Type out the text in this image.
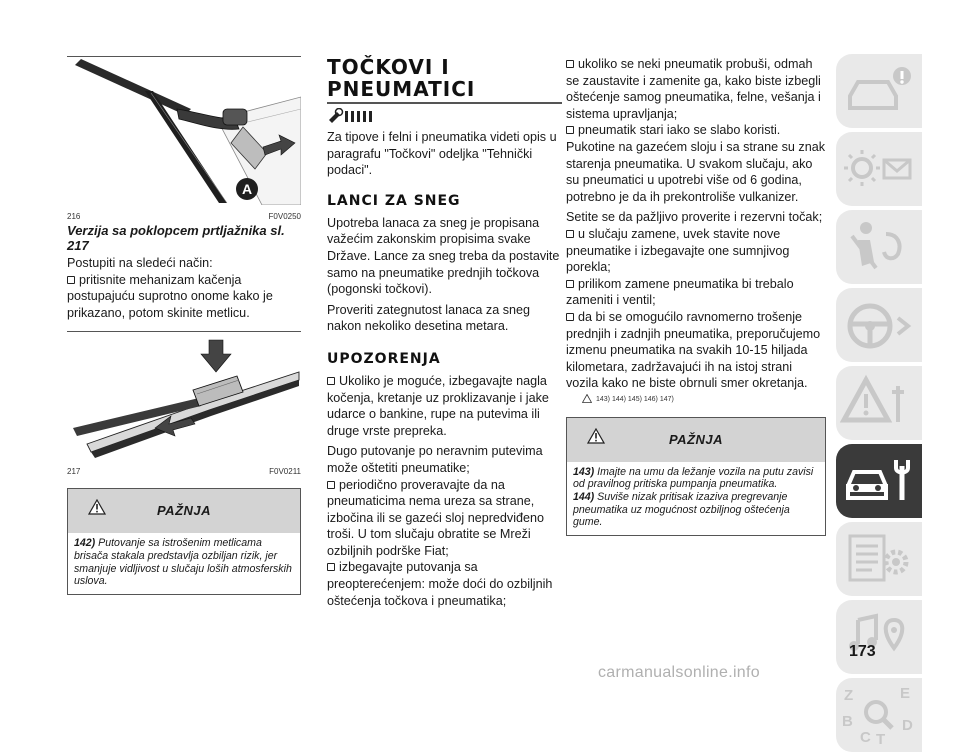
A
216	F0V0250

Verzija sa poklopcem prtljažnika sl. 217

Postupiti na sledeći način:

pritisnite mehanizam kačenja postupajuću suprotno onome kako je prikazano, potom skinite metlicu.

217	F0V0211
PAŽNJA
142) Putovanje sa istrošenim metlicama brisača stakala predstavlja ozbiljan rizik, jer smanjuje vidljivost u slučaju loših atmosferskih uslova.
TOČKOVI I
PNEUMATICI

Za tipove i felni i pneumatika videti opis u paragrafu "Točkovi" odeljka "Tehnički podaci".

LANCI ZA SNEG

Upotreba lanaca za sneg je propisana važećim zakonskim propisima svake Države. Lance za sneg treba da postavite samo na pneumatike prednjih točkova (pogonski točkovi).

Proveriti zategnutost lanaca za sneg nakon nekoliko desetina metara.

UPOZORENJA

Ukoliko je moguće, izbegavajte nagla kočenja, kretanje uz proklizavanje i jake udarce o bankine, rupe na putevima ili druge vrste prepreka.

Dugo putovanje po neravnim putevima može oštetiti pneumatike;

periodično proveravajte da na pneumaticima nema ureza sa strane, izbočina ili se gazeći sloj nepredviđeno troši. U tom slučaju obratite se Mreži ozbiljnih podrške Fiat;

izbegavajte putovanja sa preopterećenjem: može doći do ozbiljnih oštećenja točkova i pneumatika;

ukoliko se neki pneumatik probuši, odmah se zaustavite i zamenite ga, kako biste izbegli oštećenje samog pneumatika, felne, vešanja i sistema upravljanja;

pneumatik stari iako se slabo koristi. Pukotine na gazećem sloju i sa strane su znak starenja pneumatika. U svakom slučaju, ako su pneumatici u upotrebi više od 6 godina, potrebno je da ih prekontroliše vulkanizer.

Setite se da pažljivo proverite i rezervni točak;

u slučaju zamene, uvek stavite nove pneumatike i izbegavajte one sumnjivog porekla;

prilikom zamene pneumatika bi trebalo zameniti i ventil;

da bi se omogućilo ravnomerno trošenje prednjih i zadnjih pneumatika, preporučujemo izmenu pneumatika na svakih 10-15 hiljada kilometara, zadržavajući ih na istoj strani vozila kako ne biste obrnuli smer okretanja.

143) 144) 145) 146) 147)
PAŽNJA
143) Imajte na umu da ležanje vozila na putu zavisi od pravilnog pritiska pumpanja pneumatika.
144) Suviše nizak pritisak izaziva pregrevanje pneumatika uz mogućnost ozbiljnog oštećenja gume.
Z	E
B
C T
D
173
carmanualsonline.info
